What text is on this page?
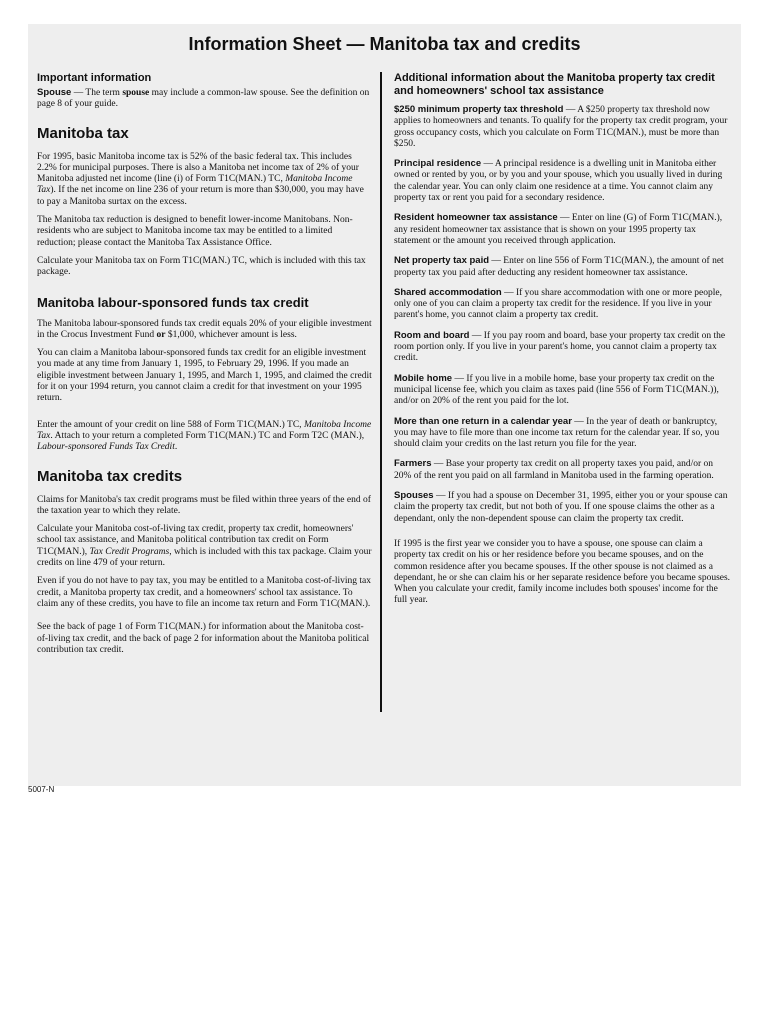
Information Sheet — Manitoba tax and credits

Important information

Spouse — The term spouse may include a common-law spouse. See the definition on page 8 of your guide.

Manitoba tax

For 1995, basic Manitoba income tax is 52% of the basic federal tax. This includes 2.2% for municipal purposes. There is also a Manitoba net income tax of 2% of your Manitoba adjusted net income (line (i) of Form T1C(MAN.) TC, Manitoba Income Tax). If the net income on line 236 of your return is more than $30,000, you may have to pay a Manitoba surtax on the excess.

The Manitoba tax reduction is designed to benefit lower-income Manitobans. Non-residents who are subject to Manitoba income tax may be entitled to a limited reduction; please contact the Manitoba Tax Assistance Office.

Calculate your Manitoba tax on Form T1C(MAN.) TC, which is included with this tax package.

Manitoba labour-sponsored funds tax credit

The Manitoba labour-sponsored funds tax credit equals 20% of your eligible investment in the Crocus Investment Fund or $1,000, whichever amount is less.

You can claim a Manitoba labour-sponsored funds tax credit for an eligible investment you made at any time from January 1, 1995, to February 29, 1996. If you made an eligible investment between January 1, 1995, and March 1, 1995, and claimed the credit for it on your 1994 return, you cannot claim a credit for that investment on your 1995 return.

Enter the amount of your credit on line 588 of Form T1C(MAN.) TC, Manitoba Income Tax. Attach to your return a completed Form T1C(MAN.) TC and Form T2C (MAN.), Labour-sponsored Funds Tax Credit.

Manitoba tax credits

Claims for Manitoba's tax credit programs must be filed within three years of the end of the taxation year to which they relate.

Calculate your Manitoba cost-of-living tax credit, property tax credit, homeowners' school tax assistance, and Manitoba political contribution tax credit on Form T1C(MAN.), Tax Credit Programs, which is included with this tax package. Claim your credits on line 479 of your return.

Even if you do not have to pay tax, you may be entitled to a Manitoba cost-of-living tax credit, a Manitoba property tax credit, and a homeowners' school tax assistance. To claim any of these credits, you have to file an income tax return and Form T1C(MAN.).

See the back of page 1 of Form T1C(MAN.) for information about the Manitoba cost-of-living tax credit, and the back of page 2 for information about the Manitoba political contribution tax credit.

Additional information about the Manitoba property tax credit and homeowners' school tax assistance

$250 minimum property tax threshold — A $250 property tax threshold now applies to homeowners and tenants. To qualify for the property tax credit program, your gross occupancy costs, which you calculate on Form T1C(MAN.), must be more than $250.

Principal residence — A principal residence is a dwelling unit in Manitoba either owned or rented by you, or by you and your spouse, which you usually lived in during the calendar year. You can only claim one residence at a time. You cannot claim any property tax or rent you paid for a secondary residence.

Resident homeowner tax assistance — Enter on line (G) of Form T1C(MAN.), any resident homeowner tax assistance that is shown on your 1995 property tax statement or the amount you received through application.

Net property tax paid — Enter on line 556 of Form T1C(MAN.), the amount of net property tax you paid after deducting any resident homeowner tax assistance.

Shared accommodation — If you share accommodation with one or more people, only one of you can claim a property tax credit for the residence. If you live in your parent's home, you cannot claim a property tax credit.

Room and board — If you pay room and board, base your property tax credit on the room portion only. If you live in your parent's home, you cannot claim a property tax credit.

Mobile home — If you live in a mobile home, base your property tax credit on the municipal license fee, which you claim as taxes paid (line 556 of Form T1C(MAN.)), and/or on 20% of the rent you paid for the lot.

More than one return in a calendar year — In the year of death or bankruptcy, you may have to file more than one income tax return for the calendar year. If so, you should claim your credits on the last return you file for the year.

Farmers — Base your property tax credit on all property taxes you paid, and/or on 20% of the rent you paid on all farmland in Manitoba used in the farming operation.

Spouses — If you had a spouse on December 31, 1995, either you or your spouse can claim the property tax credit, but not both of you. If one spouse claims the other as a dependant, only the non-dependent spouse can claim the property tax credit.

If 1995 is the first year we consider you to have a spouse, one spouse can claim a property tax credit on his or her residence before you became spouses, and on the common residence after you became spouses. If the other spouse is not claimed as a dependant, he or she can claim his or her separate residence before you became spouses. When you calculate your credit, family income includes both spouses' income for the full year.

5007-N
